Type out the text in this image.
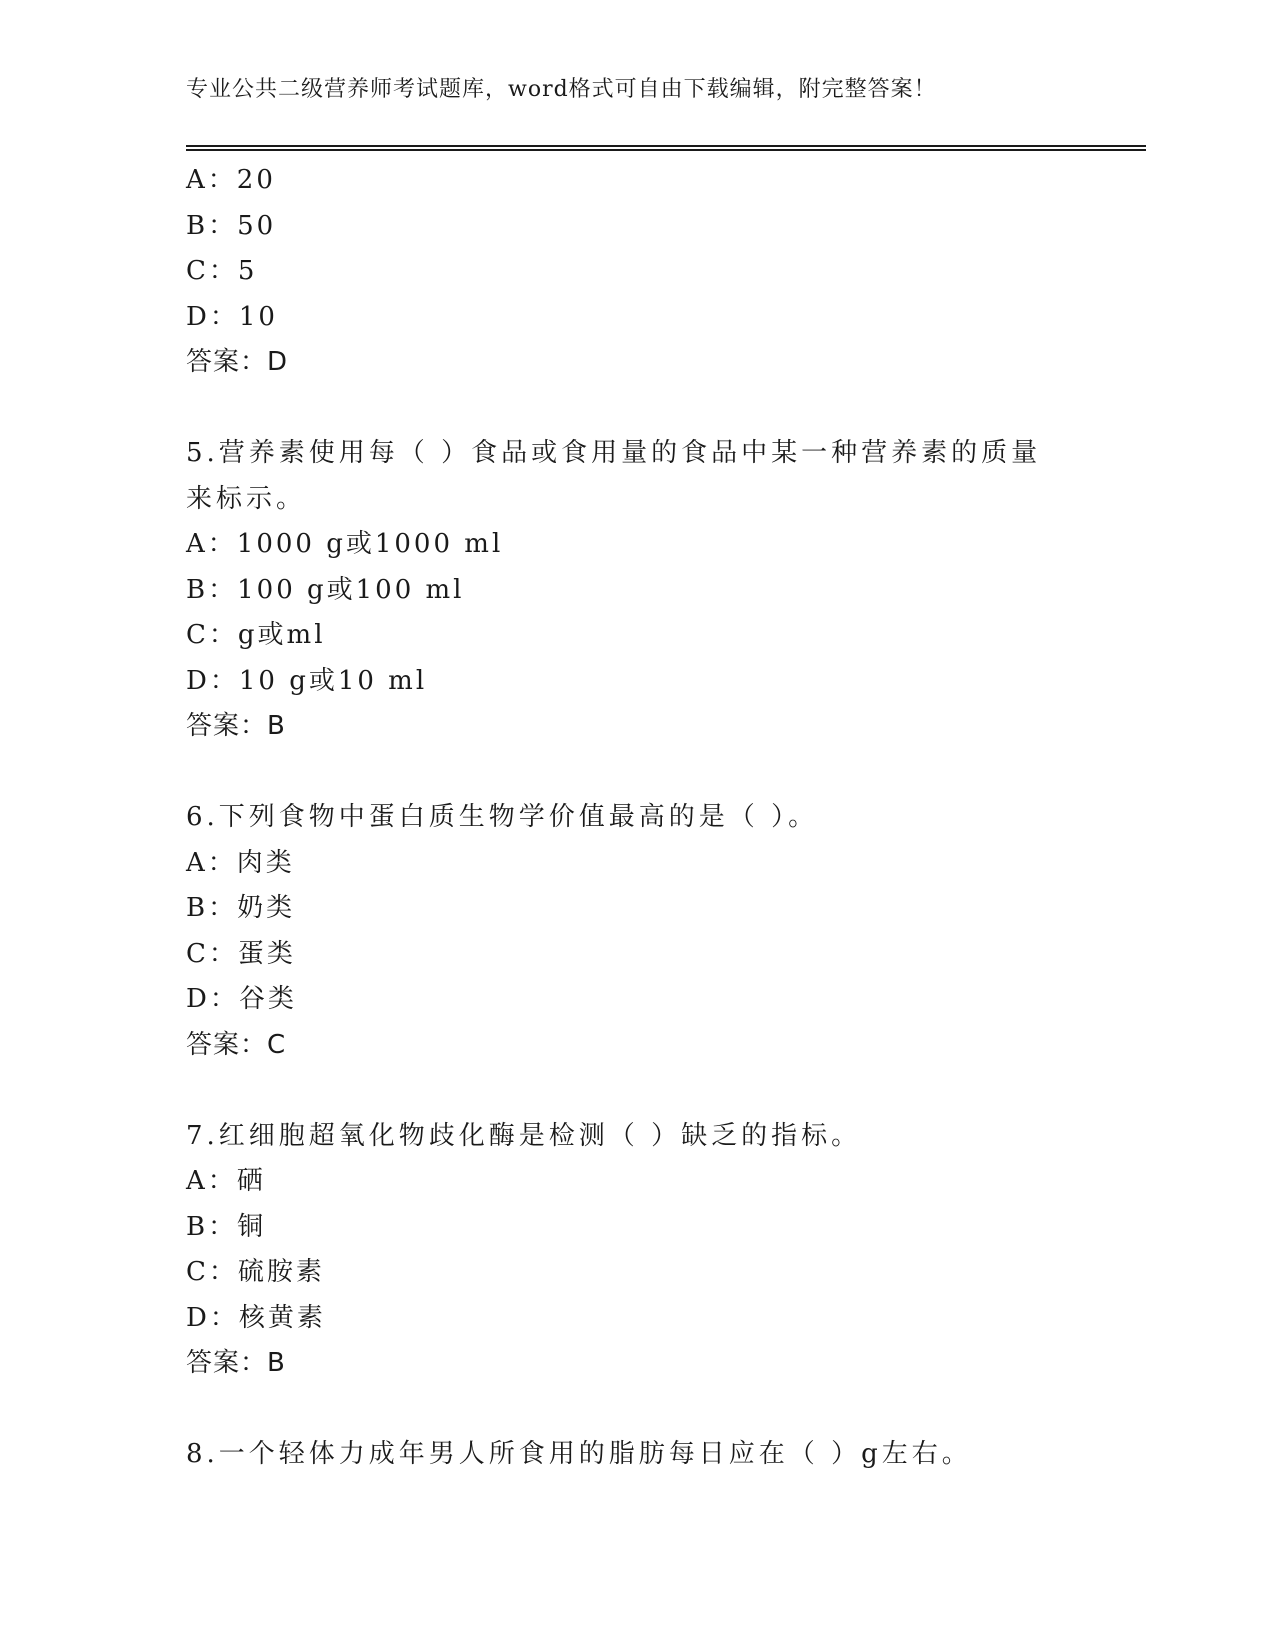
专业公共二级营养师考试题库，word格式可自由下载编辑，附完整答案！
A：20
B：50
C：5
D：10
答案：D
5.营养素使用每（ ）食品或食用量的食品中某一种营养素的质量来标示。
A：1000 g或1000 ml
B：100 g或100 ml
C：g或ml
D：10 g或10 ml
答案：B
6.下列食物中蛋白质生物学价值最高的是（ ）。
A：肉类
B：奶类
C：蛋类
D：谷类
答案：C
7.红细胞超氧化物歧化酶是检测（ ）缺乏的指标。
A：硒
B：铜
C：硫胺素
D：核黄素
答案：B
8.一个轻体力成年男人所食用的脂肪每日应在（ ）g左右。
